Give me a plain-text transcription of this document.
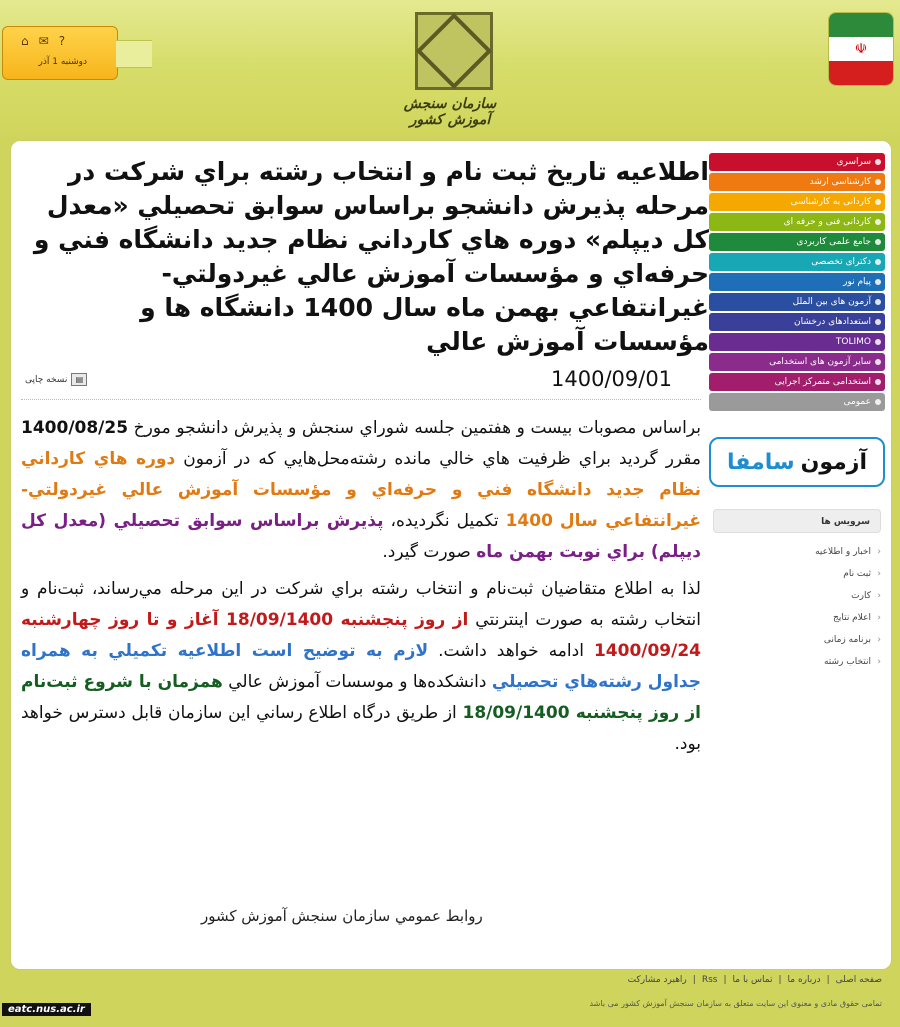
⌂ ✉ ?
دوشنبه 1 آذر
سازمان سنجش آموزش کشور
☫
اطلاعيه تاريخ ثبت نام و انتخاب رشته براي شركت در مرحله پذيرش دانشجو براساس سوابق تحصيلي «معدل كل ديپلم» دوره هاي كارداني نظام جديد دانشگاه فني و حرفه‌اي و مؤسسات آموزش عالي غيردولتي- غيرانتفاعي بهمن ماه سال 1400 دانشگاه ها و مؤسسات آموزش عالي
▤
نسخه چاپی	1400/09/01

براساس مصوبات بيست و هفتمين جلسه شوراي سنجش و پذيرش دانشجو مورخ 1400/08/25 مقرر گرديد براي ظرفيت هاي خالي مانده رشته‌محل‌هايي كه در آزمون دوره هاي كارداني نظام جديد دانشگاه فني و حرفه‌اي و مؤسسات آموزش عالي غيردولتي- غيرانتفاعي سال 1400 تكميل نگرديده، پذيرش براساس سوابق تحصيلي (معدل كل ديپلم) براي نوبت بهمن ماه صورت گيرد.

لذا به اطلاع متقاضيان ثبت‌نام و انتخاب رشته براي شركت در اين مرحله مي‌رساند، ثبت‌نام و انتخاب رشته به صورت اينترنتي از روز پنجشنبه 18/09/1400 آغاز و تا روز چهارشنبه 1400/09/24 ادامه خواهد داشت. لازم به توضيح است اطلاعيه تكميلي به همراه جداول رشته‌هاي تحصيلي دانشكده‌ها و موسسات آموزش عالي همزمان با شروع ثبت‌نام از روز پنجشنبه 18/09/1400 از طريق درگاه اطلاع رساني اين سازمان قابل دسترس خواهد بود.

روابط عمومي سازمان سنجش آموزش كشور
سراسری
کارشناسی ارشد
کاردانی به کارشناسی
کاردانی فنی و حرفه ای
جامع علمی کاربردی
دکترای تخصصی
پیام نور
آزمون های بین الملل
استعدادهای درخشان
TOLIMO
سایر آزمون های استخدامی
استخدامی متمرکز اجرایی
عمومی
آزمون
سامفا
سرویس ها
‹ اخبار و اطلاعیه
‹ ثبت نام
‹ کارت
‹ اعلام نتایج
‹ برنامه زمانی
‹ انتخاب رشته
صفحه اصلی
|
درباره ما
|
تماس با ما
|
Rss
|
راهبرد مشارکت
تمامی حقوق مادی و معنوی این سایت متعلق به سازمان سنجش آموزش کشور می باشد
eatc.nus.ac.ir
